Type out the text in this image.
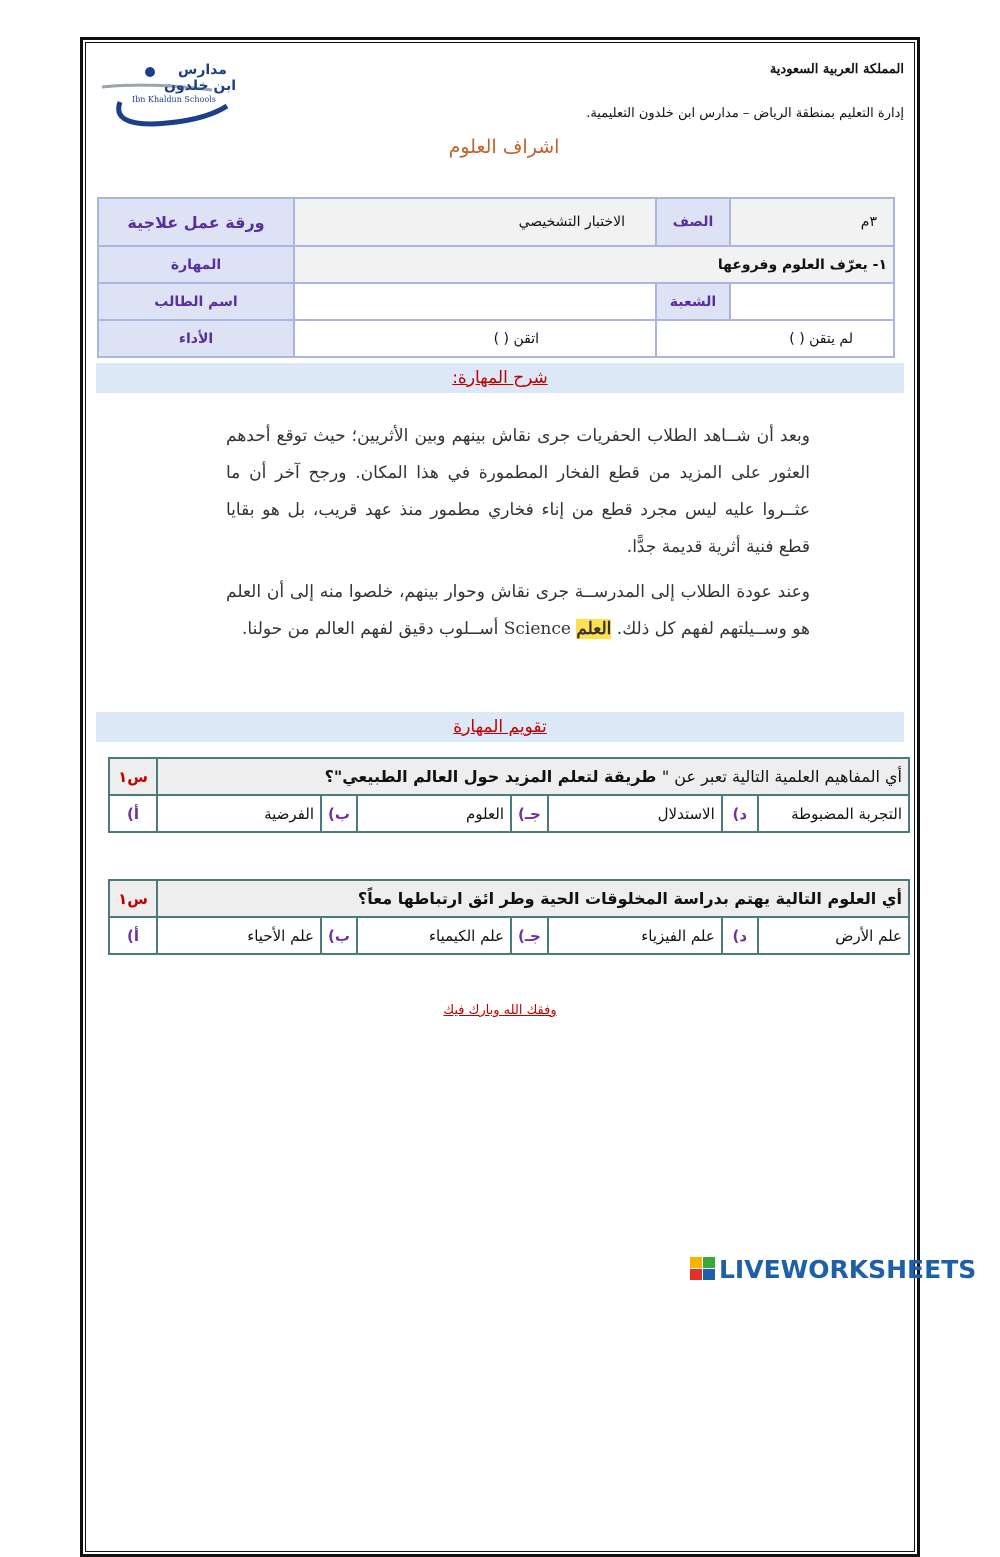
مدارس
ابن خلدون
Ibn Khaldun Schools
المملكة العربية السعودية
إدارة التعليم بمنطقة الرياض – مدارس ابن خلدون التعليمية.
اشراف العلوم
ورقة عمل علاجية	الاختبار التشخيصي	الصف	٣م
المهارة	١- يعرّف العلوم وفروعها		
اسم الطالب		الشعبة	
الأداء	اتقن ( )	لم يتقن ( )	
شرح المهارة:

وبعد أن شــاهد الطلاب الحفريات جرى نقاش بينهم وبين الأثريين؛ حيث توقع أحدهم العثور على المزيد من قطع الفخار المطمورة في هذا المكان. ورجح آخر أن ما عثــروا عليه ليس مجرد قطع من إناء فخاري مطمور منذ عهد قريب، بل هو بقايا قطع فنية أثرية قديمة جدًّا.

وعند عودة الطلاب إلى المدرســة جرى نقاش وحوار بينهم، خلصوا منه إلى أن العلم هو وســيلتهم لفهم كل ذلك. العلم Science أســلوب دقيق لفهم العالم من حولنا.

تقويم المهارة
س١	أي المفاهيم العلمية التالية تعبر عن " طريقة لتعلم المزيد حول العالم الطبيعي"؟						
أ)	الفرضية	ب)	العلوم	جـ)	الاستدلال	د)	التجربة المضبوطة
س١	أي العلوم التالية يهتم بدراسة المخلوقات الحية وطر ائق ارتباطها معاً؟						
أ)	علم الأحياء	ب)	علم الكيمياء	جـ)	علم الفيزياء	د)	علم الأرض
وفقك الله وبارك فيك
LIVEWORKSHEETS
